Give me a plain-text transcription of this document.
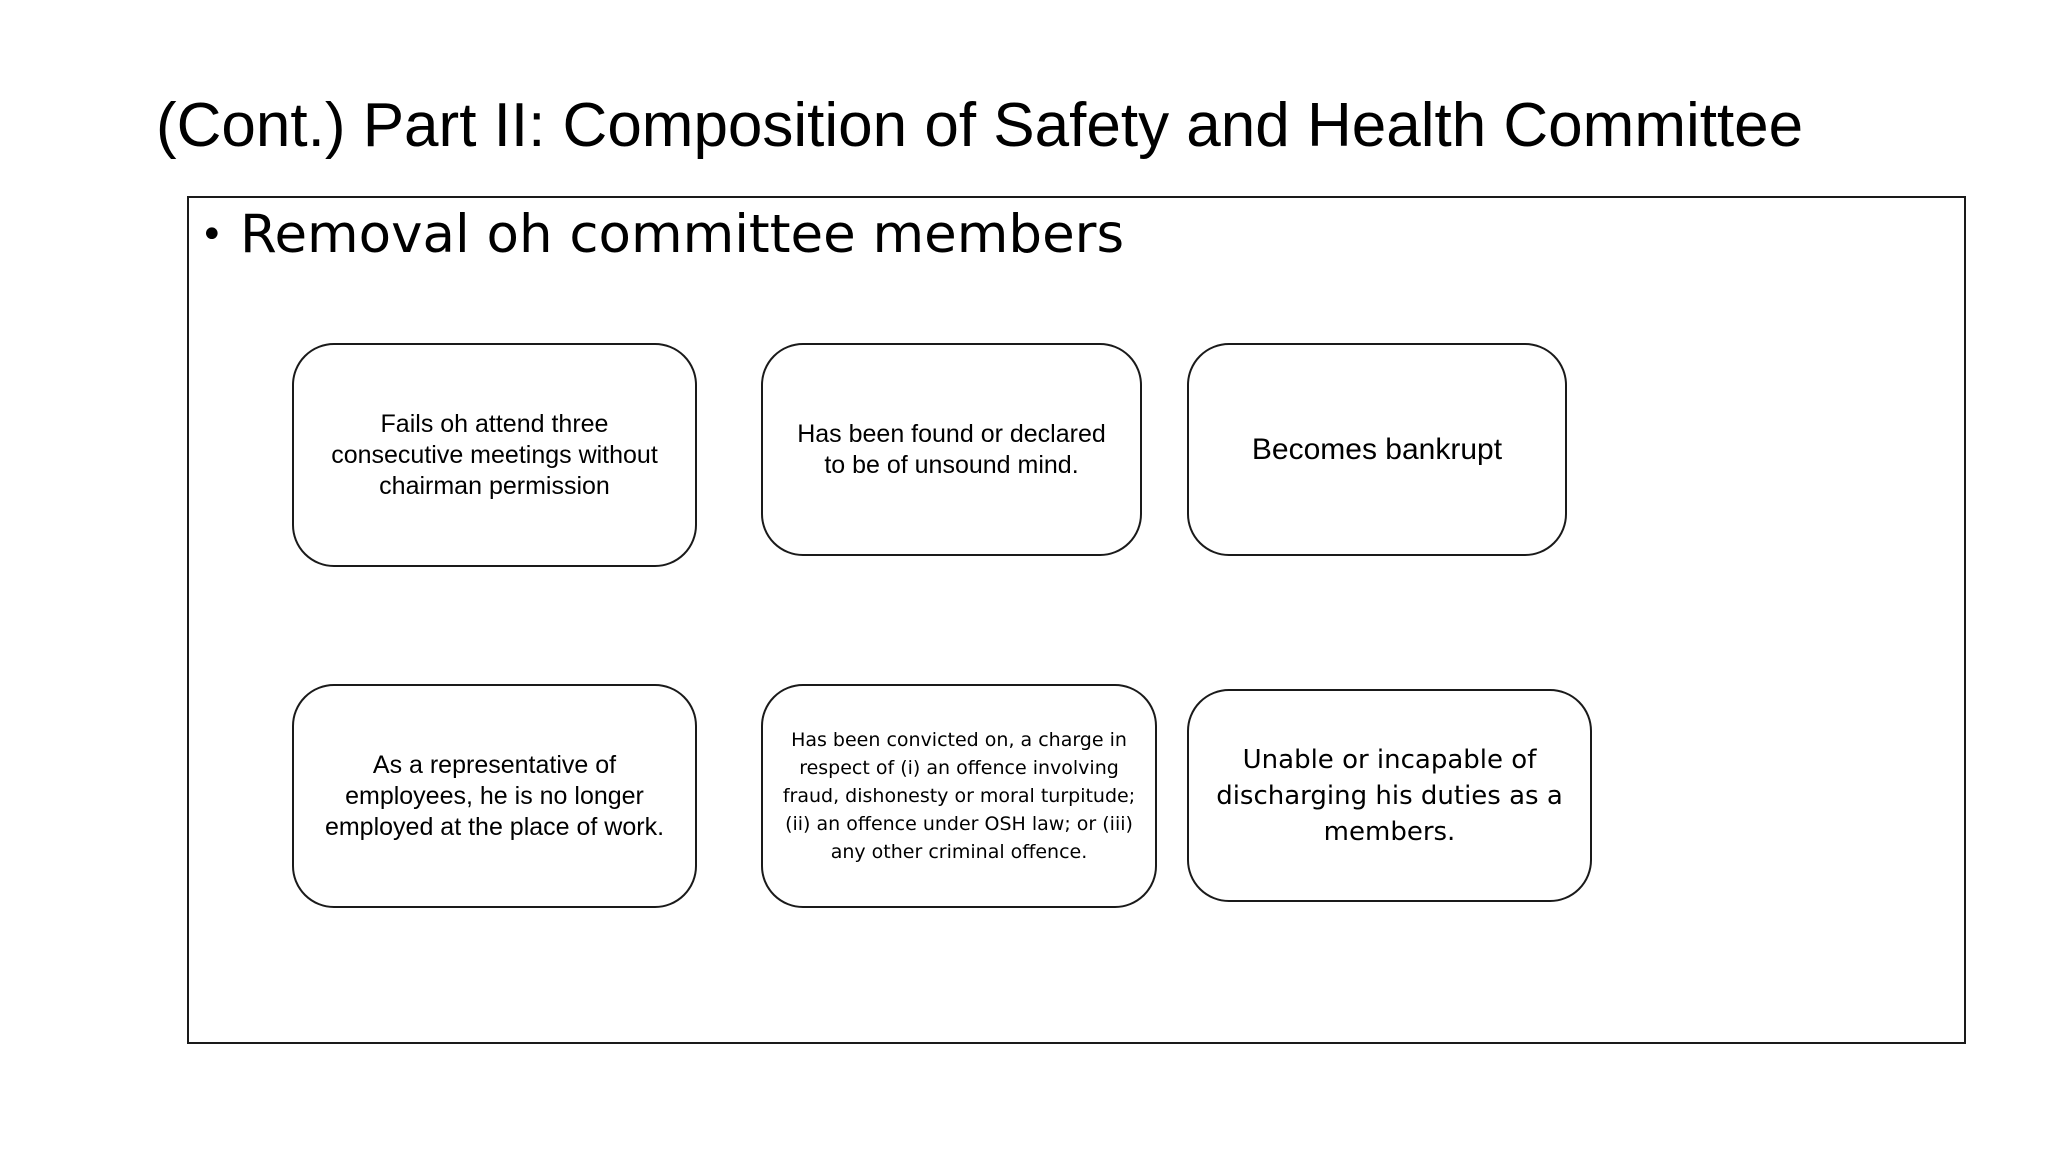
(Cont.) Part II: Composition of Safety and Health Committee
• Removal oh committee members
Fails oh attend three consecutive meetings without chairman permission
Has been found or declared to be of unsound mind.	Becomes bankrupt
As a representative of employees, he is no longer employed at the place of work.
Has been convicted on, a charge in respect of (i) an offence involving fraud, dishonesty or moral turpitude; (ii) an offence under OSH law; or (iii) any other criminal offence.
Unable or incapable of discharging his duties as a members.
